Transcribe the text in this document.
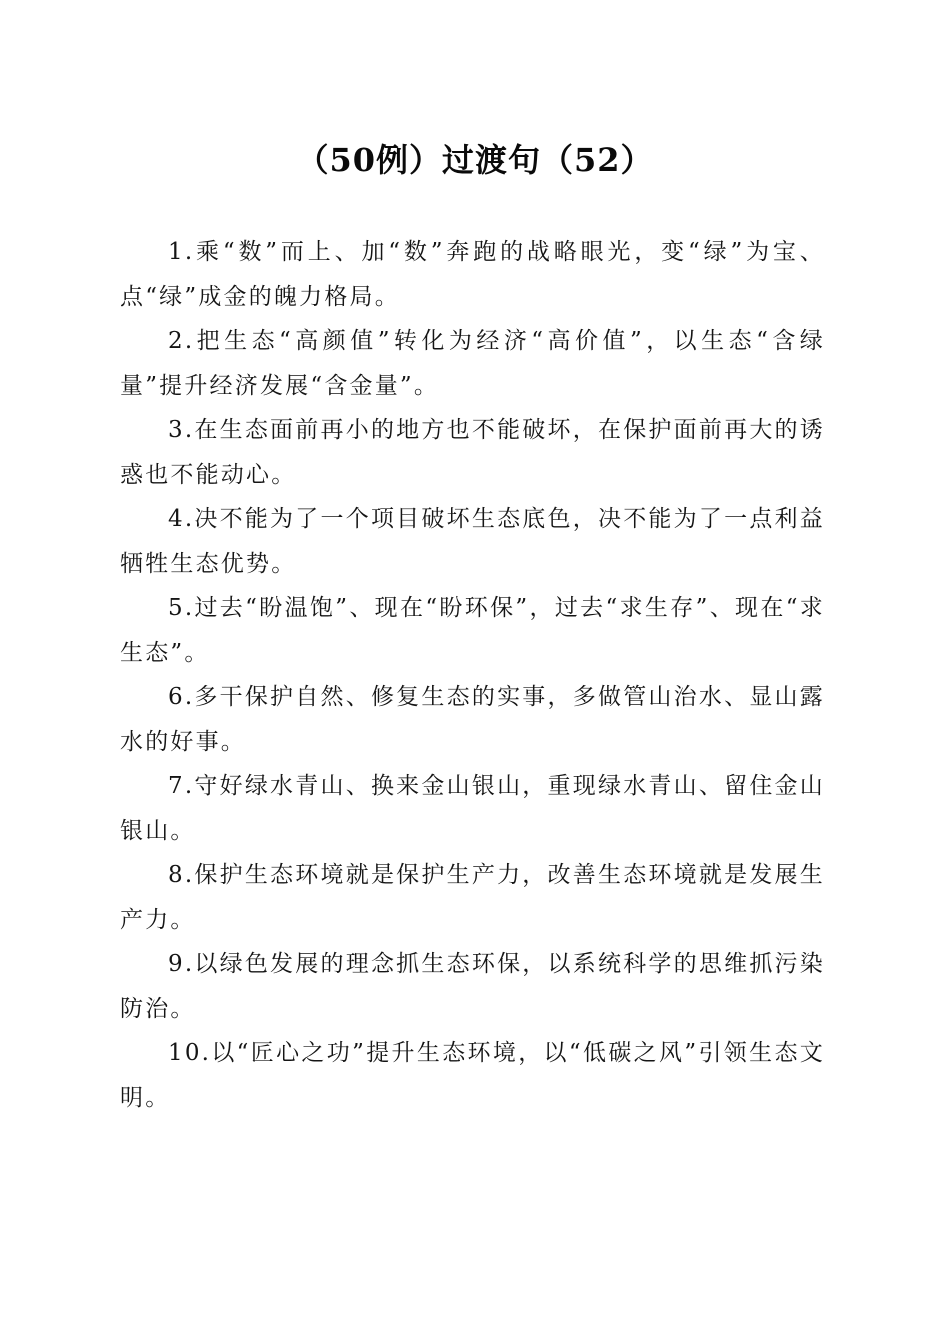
（50例）过渡句（52）

1.乘“数”而上、加“数”奔跑的战略眼光，变“绿”为宝、点“绿”成金的魄力格局。

2.把生态“高颜值”转化为经济“高价值”，以生态“含绿量”提升经济发展“含金量”。

3.在生态面前再小的地方也不能破坏，在保护面前再大的诱惑也不能动心。

4.决不能为了一个项目破坏生态底色，决不能为了一点利益牺牲生态优势。

5.过去“盼温饱”、现在“盼环保”，过去“求生存”、现在“求生态”。

6.多干保护自然、修复生态的实事，多做管山治水、显山露水的好事。

7.守好绿水青山、换来金山银山，重现绿水青山、留住金山银山。

8.保护生态环境就是保护生产力，改善生态环境就是发展生产力。

9.以绿色发展的理念抓生态环保，以系统科学的思维抓污染防治。

10.以“匠心之功”提升生态环境，以“低碳之风”引领生态文明。
